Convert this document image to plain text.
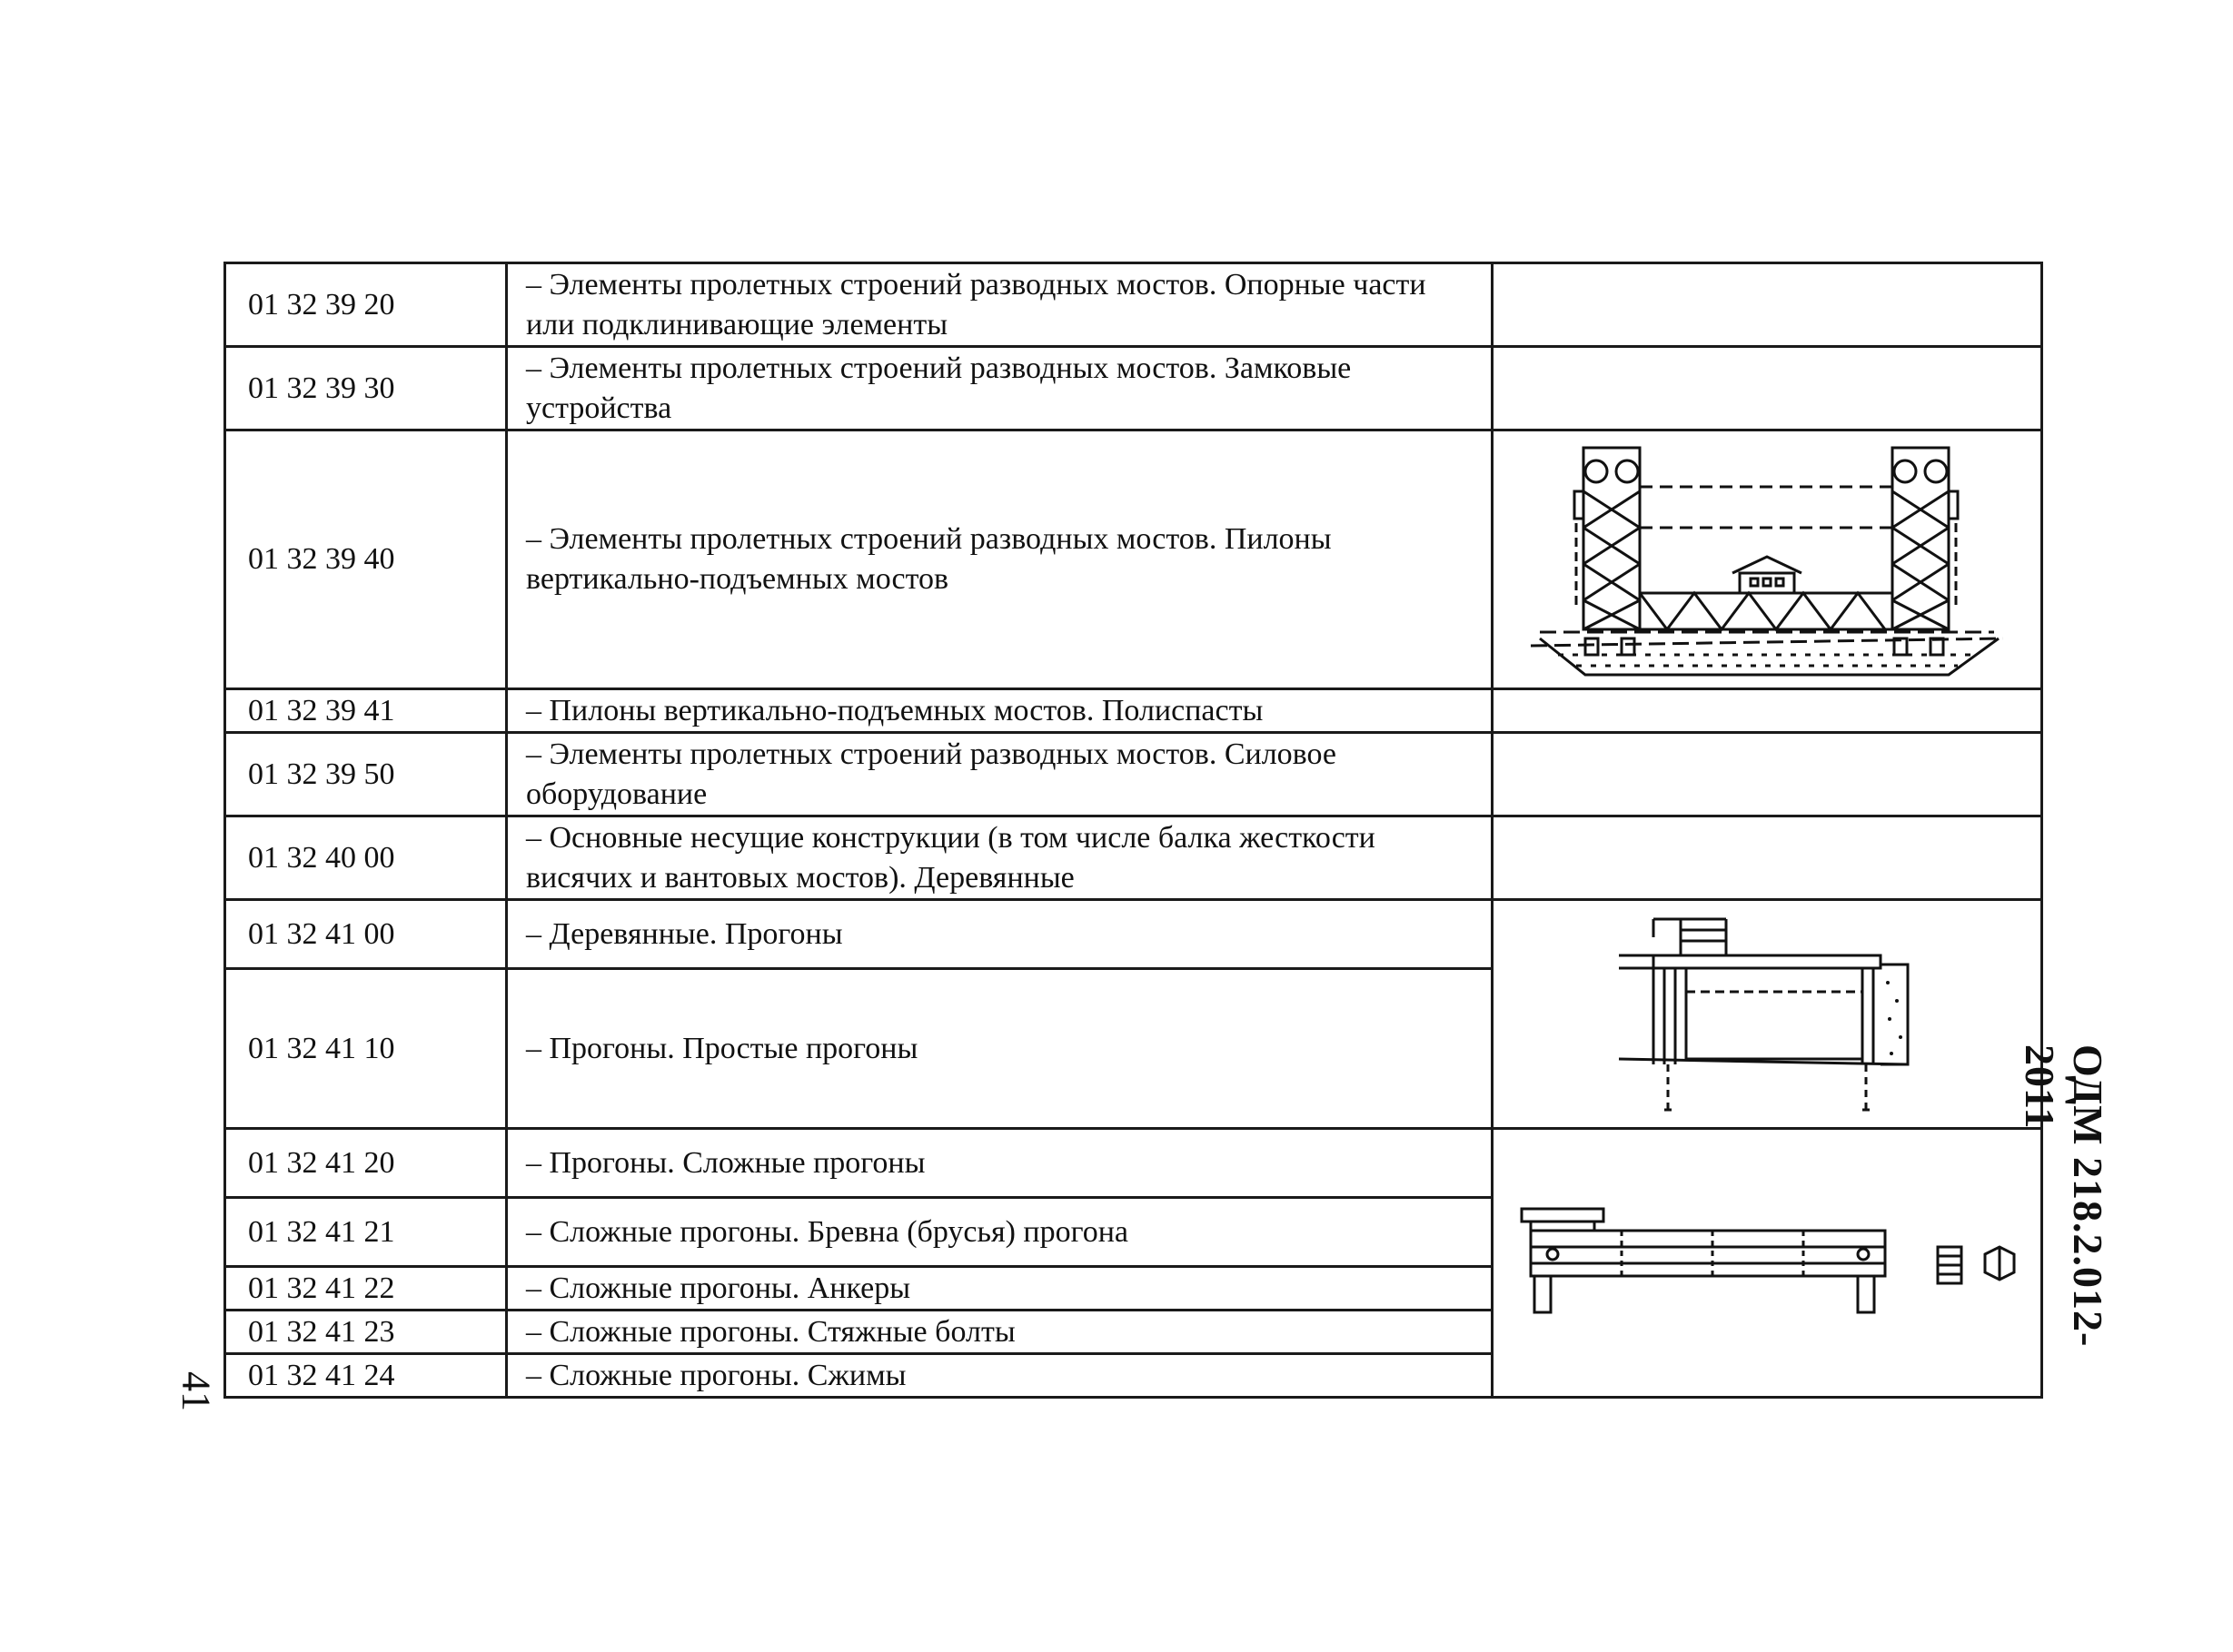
01 32 39 20	– Элементы пролетных строений разводных мостов. Опорные части или подклинивающие элементы	
01 32 39 30	– Элементы пролетных строений разводных мостов. Замковые устройства	
01 32 39 40	– Элементы пролетных строений разводных мостов. Пилоны вертикально-подъемных мостов	

01 32 39 41	– Пилоны вертикально-подъемных мостов. Полиспасты	
01 32 39 50	– Элементы пролетных строений разводных мостов. Силовое оборудование	
01 32 40 00	– Основные несущие конструкции (в том числе балка жесткости висячих и вантовых мостов). Деревянные	
01 32 41 00	– Деревянные. Прогоны	

01 32 41 10	– Прогоны. Простые прогоны	
01 32 41 20	– Прогоны. Сложные прогоны	

01 32 41 21	– Сложные прогоны. Бревна (брусья) прогона	
01 32 41 22	– Сложные прогоны. Анкеры	
01 32 41 23	– Сложные прогоны. Стяжные болты	
01 32 41 24	– Сложные прогоны. Сжимы	
ОДМ 218.2.012-2011
41
